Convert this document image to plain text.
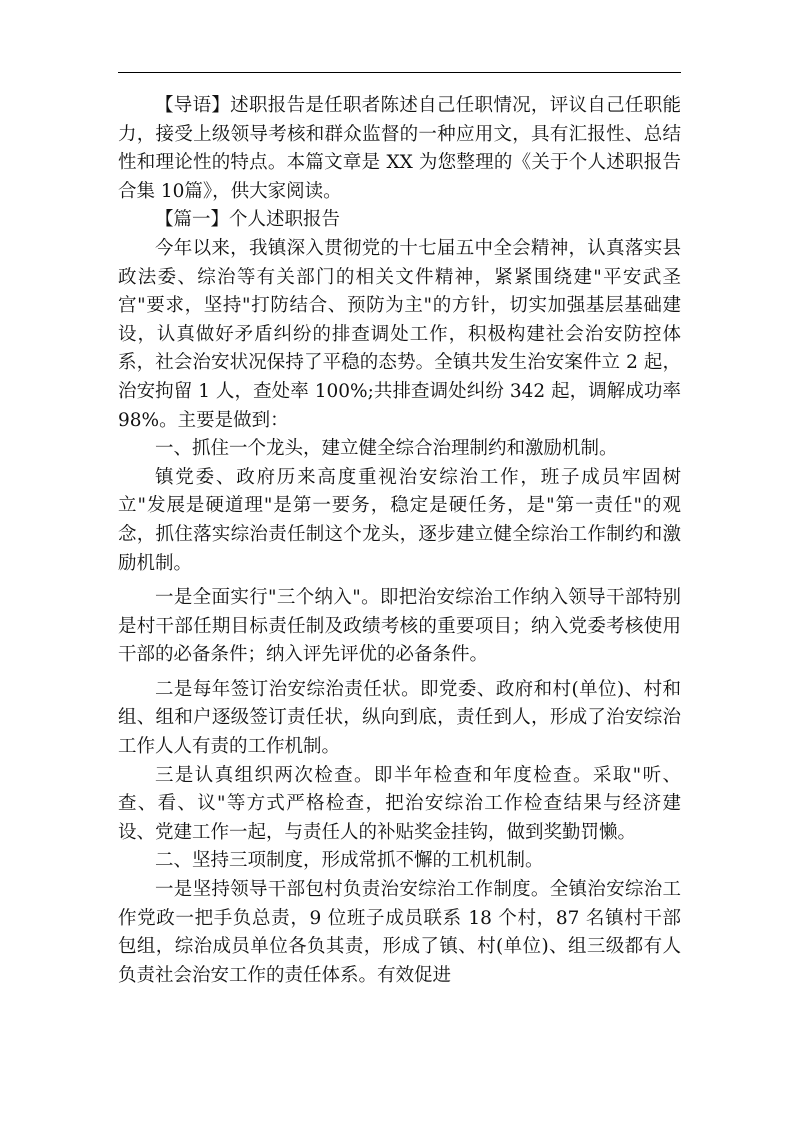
【导语】述职报告是任职者陈述自己任职情况，评议自己任职能力，接受上级领导考核和群众监督的一种应用文，具有汇报性、总结性和理论性的特点。本篇文章是 XX 为您整理的《关于个人述职报告合集 10篇》，供大家阅读。

【篇一】个人述职报告

今年以来，我镇深入贯彻党的十七届五中全会精神，认真落实县政法委、综治等有关部门的相关文件精神，紧紧围绕建"平安武圣宫"要求，坚持"打防结合、预防为主"的方针，切实加强基层基础建设，认真做好矛盾纠纷的排查调处工作，积极构建社会治安防控体系，社会治安状况保持了平稳的态势。全镇共发生治安案件立 2 起，治安拘留 1 人，查处率 100%;共排查调处纠纷 342 起，调解成功率 98%。主要是做到：

一、抓住一个龙头，建立健全综合治理制约和激励机制。

镇党委、政府历来高度重视治安综治工作，班子成员牢固树立"发展是硬道理"是第一要务，稳定是硬任务，是"第一责任"的观念，抓住落实综治责任制这个龙头，逐步建立健全综治工作制约和激励机制。

一是全面实行"三个纳入"。即把治安综治工作纳入领导干部特别是村干部任期目标责任制及政绩考核的重要项目；纳入党委考核使用干部的必备条件；纳入评先评优的必备条件。

二是每年签订治安综治责任状。即党委、政府和村(单位)、村和组、组和户逐级签订责任状，纵向到底，责任到人，形成了治安综治工作人人有责的工作机制。

三是认真组织两次检查。即半年检查和年度检查。采取"听、查、看、议"等方式严格检查，把治安综治工作检查结果与经济建设、党建工作一起，与责任人的补贴奖金挂钩，做到奖勤罚懒。

二、坚持三项制度，形成常抓不懈的工机机制。

一是坚持领导干部包村负责治安综治工作制度。全镇治安综治工作党政一把手负总责，9 位班子成员联系 18 个村，87 名镇村干部包组，综治成员单位各负其责，形成了镇、村(单位)、组三级都有人负责社会治安工作的责任体系。有效促进
